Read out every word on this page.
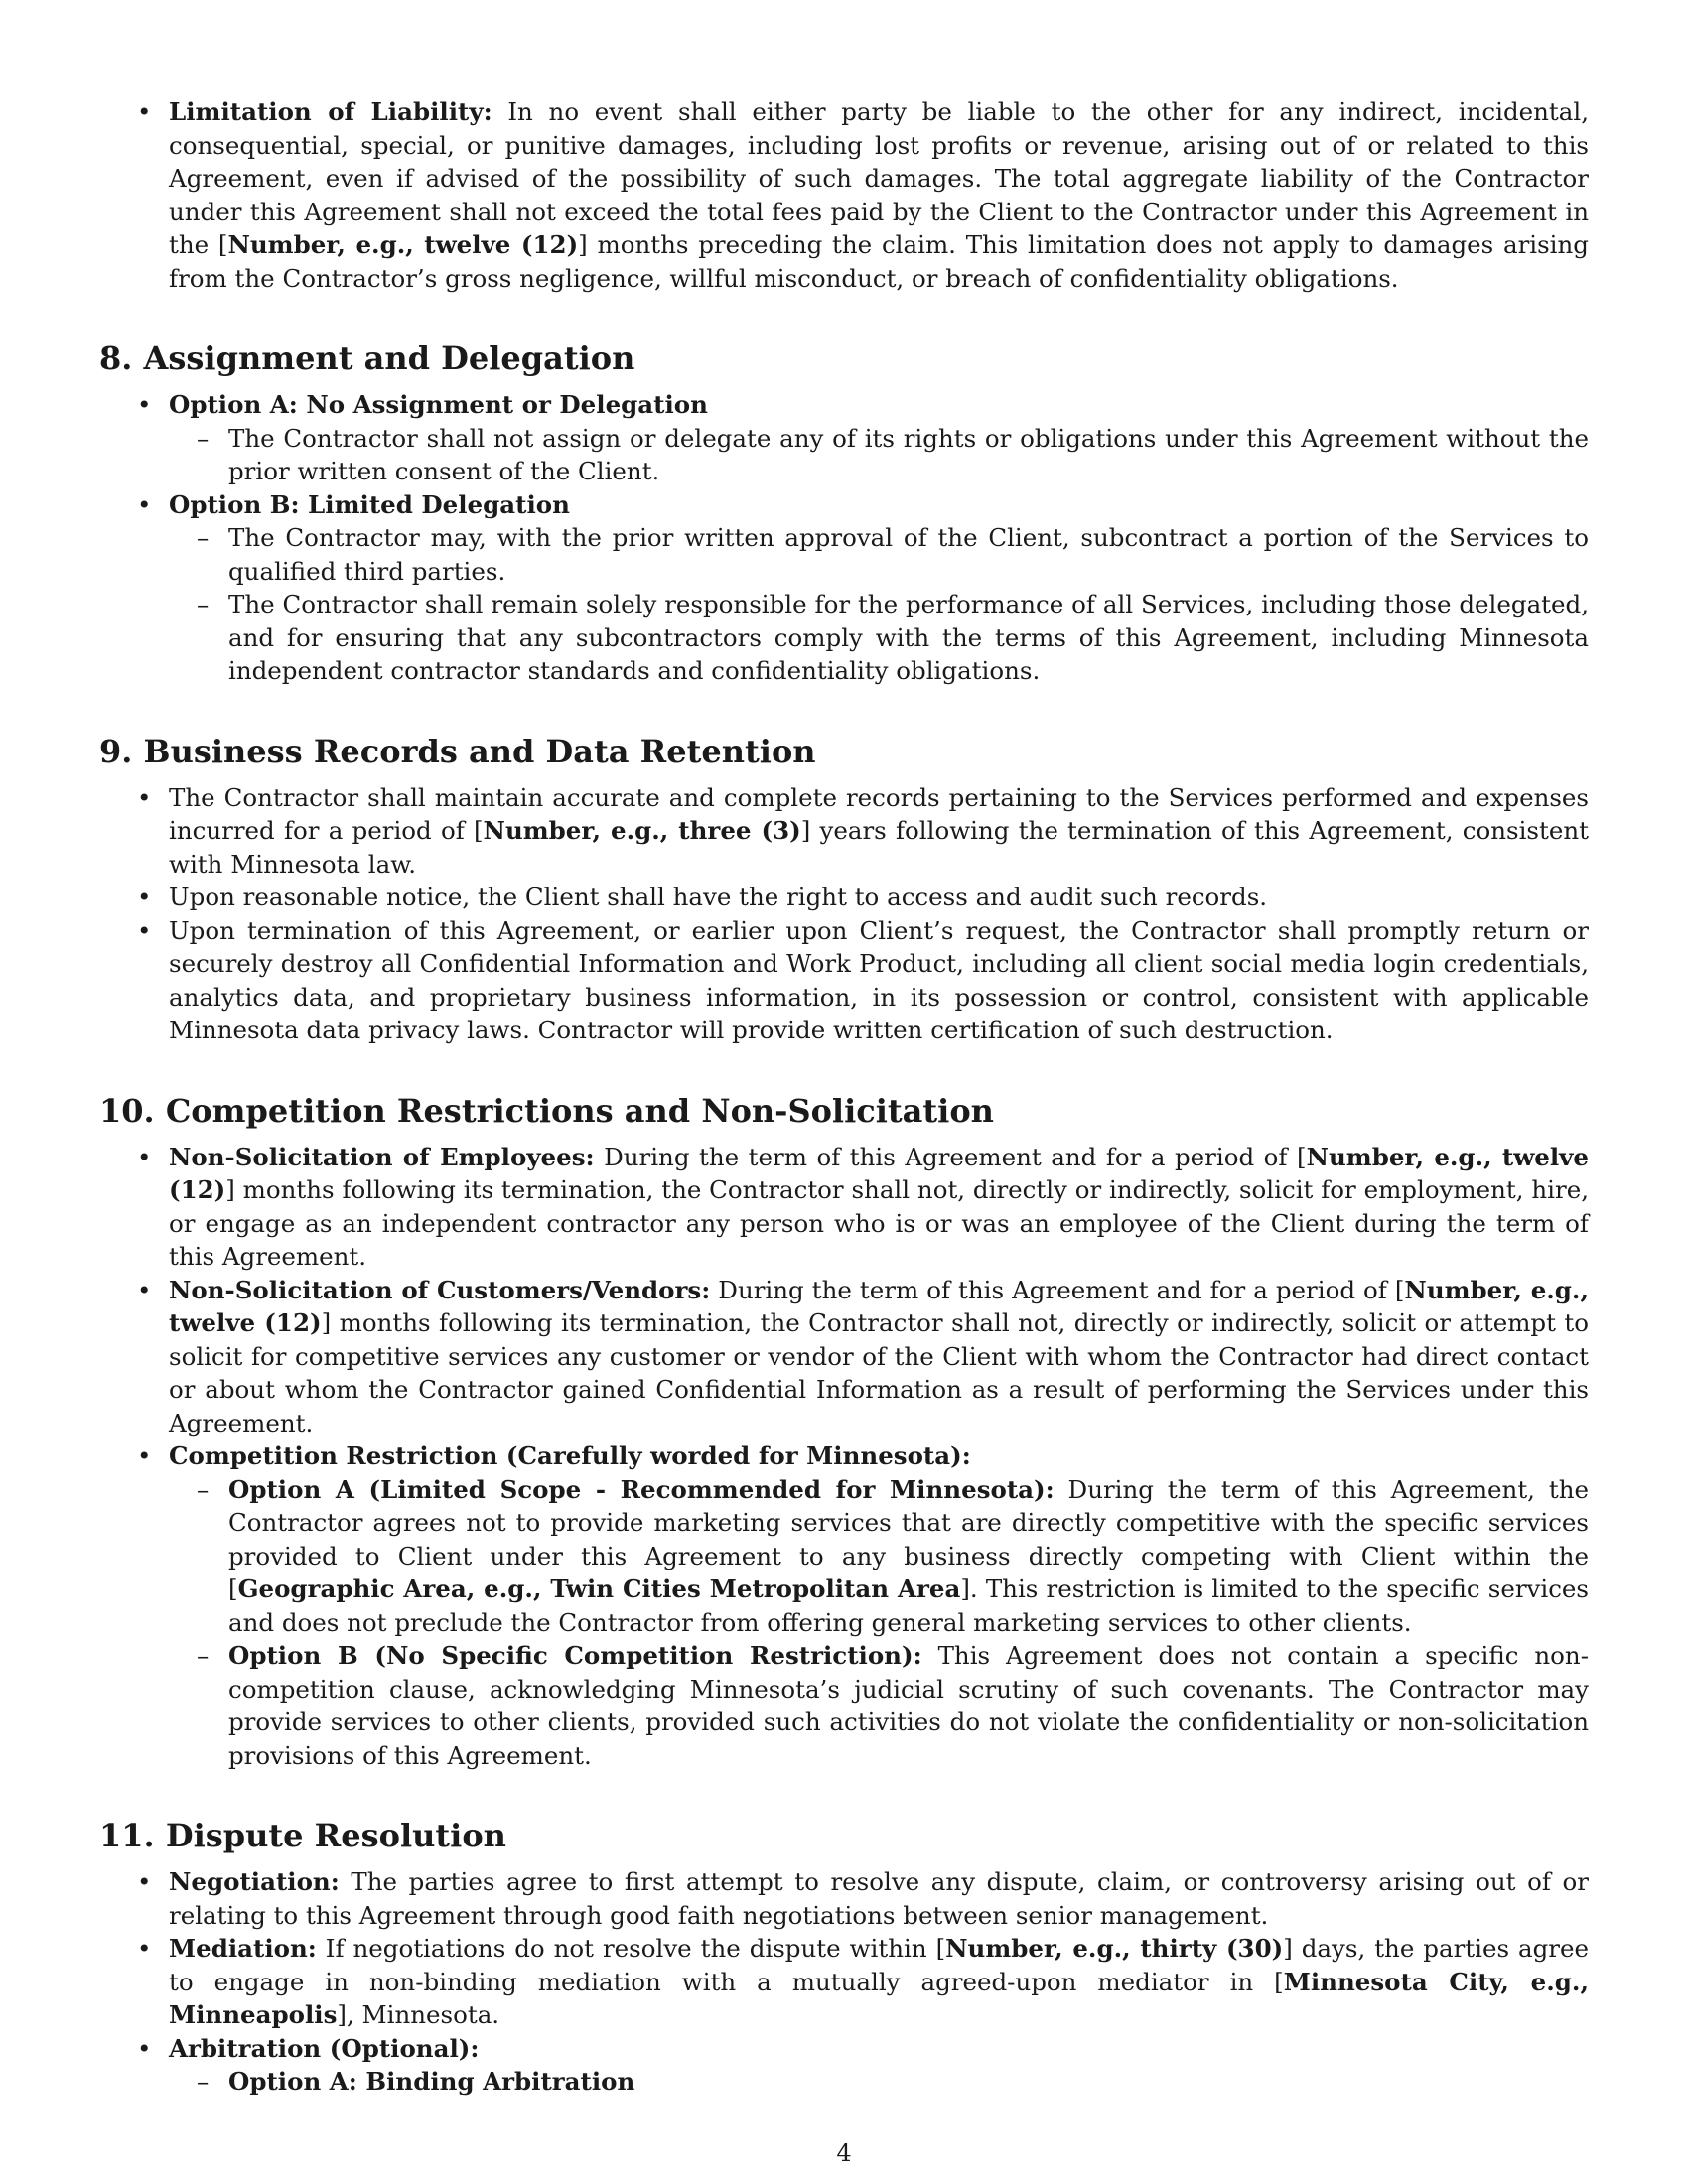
• Limitation of Liability: In no event shall either party be liable to the other for any indirect, incidental, consequential, special, or punitive damages, including lost profits or revenue, arising out of or related to this Agreement, even if advised of the possibility of such damages. The total aggregate liability of the Contractor under this Agreement shall not exceed the total fees paid by the Client to the Contractor under this Agreement in the [Number, e.g., twelve (12)] months preceding the claim. This limitation does not apply to damages arising from the Contractor’s gross negligence, willful misconduct, or breach of confidentiality obligations.
8. Assignment and Delegation
• Option A: No Assignment or Delegation
– The Contractor shall not assign or delegate any of its rights or obligations under this Agreement without the prior written consent of the Client.
• Option B: Limited Delegation
– The Contractor may, with the prior written approval of the Client, subcontract a portion of the Services to qualified third parties.
– The Contractor shall remain solely responsible for the performance of all Services, including those delegated, and for ensuring that any subcontractors comply with the terms of this Agreement, including Minnesota independent contractor standards and confidentiality obligations.
9. Business Records and Data Retention
• The Contractor shall maintain accurate and complete records pertaining to the Services performed and expenses incurred for a period of [Number, e.g., three (3)] years following the termination of this Agreement, consistent with Minnesota law.
• Upon reasonable notice, the Client shall have the right to access and audit such records.
• Upon termination of this Agreement, or earlier upon Client’s request, the Contractor shall promptly return or securely destroy all Confidential Information and Work Product, including all client social media login credentials, analytics data, and proprietary business information, in its possession or control, consistent with applicable Minnesota data privacy laws. Contractor will provide written certification of such destruction.
10. Competition Restrictions and Non-Solicitation
• Non-Solicitation of Employees: During the term of this Agreement and for a period of [Number, e.g., twelve (12)] months following its termination, the Contractor shall not, directly or indirectly, solicit for employment, hire, or engage as an independent contractor any person who is or was an employee of the Client during the term of this Agreement.
• Non-Solicitation of Customers/Vendors: During the term of this Agreement and for a period of [Number, e.g., twelve (12)] months following its termination, the Contractor shall not, directly or indirectly, solicit or attempt to solicit for competitive services any customer or vendor of the Client with whom the Contractor had direct contact or about whom the Contractor gained Confidential Information as a result of performing the Services under this Agreement.
• Competition Restriction (Carefully worded for Minnesota):
– Option A (Limited Scope - Recommended for Minnesota): During the term of this Agreement, the Contractor agrees not to provide marketing services that are directly competitive with the specific services provided to Client under this Agreement to any business directly competing with Client within the [Geographic Area, e.g., Twin Cities Metropolitan Area]. This restriction is limited to the specific services and does not preclude the Contractor from offering general marketing services to other clients.
– Option B (No Specific Competition Restriction): This Agreement does not contain a specific non-competition clause, acknowledging Minnesota’s judicial scrutiny of such covenants. The Contractor may provide services to other clients, provided such activities do not violate the confidentiality or non-solicitation provisions of this Agreement.
11. Dispute Resolution
• Negotiation: The parties agree to first attempt to resolve any dispute, claim, or controversy arising out of or relating to this Agreement through good faith negotiations between senior management.
• Mediation: If negotiations do not resolve the dispute within [Number, e.g., thirty (30)] days, the parties agree to engage in non-binding mediation with a mutually agreed-upon mediator in [Minnesota City, e.g., Minneapolis], Minnesota.
• Arbitration (Optional):
– Option A: Binding Arbitration
4
